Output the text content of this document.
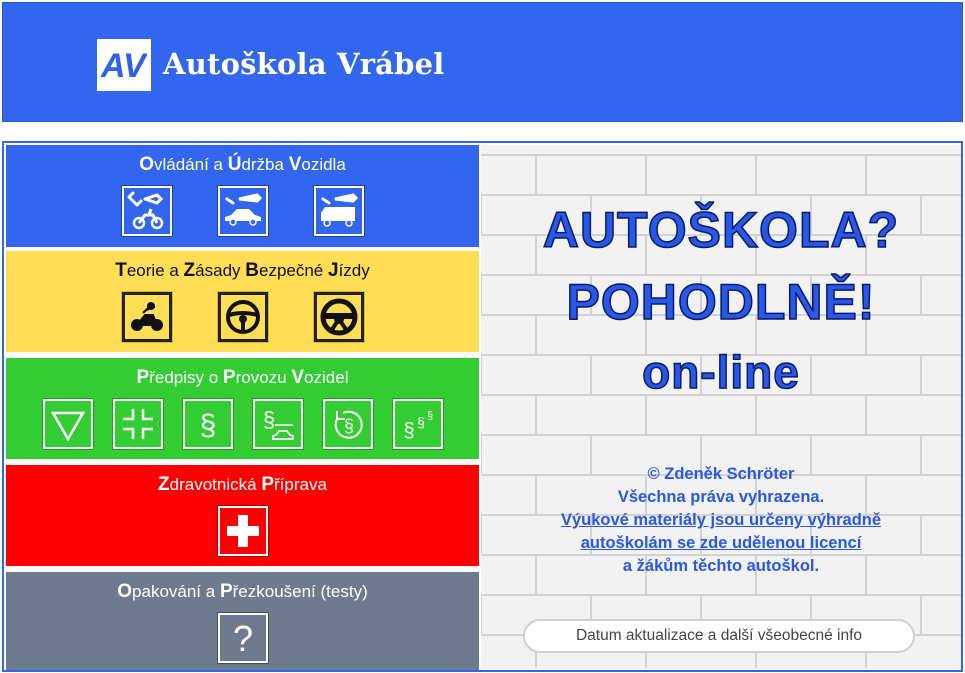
AV Autoškola Vrábel
Ovládání a Údržba Vozidla
Teorie a Zásady Bezpečné Jízdy
Předpisy o Provozu Vozidel
§ §	§ § § §
Zdravotnická Příprava
Opakování a Přezkoušení (testy)
?
AUTOŠKOLA?
POHODLNĚ!
on-line
© Zdeněk Schröter
Všechna práva vyhrazena.
Výukové materiály jsou určeny výhradně
autoškolám se zde udělenou licencí
a žákům těchto autoškol.
Datum aktualizace a další všeobecné info
